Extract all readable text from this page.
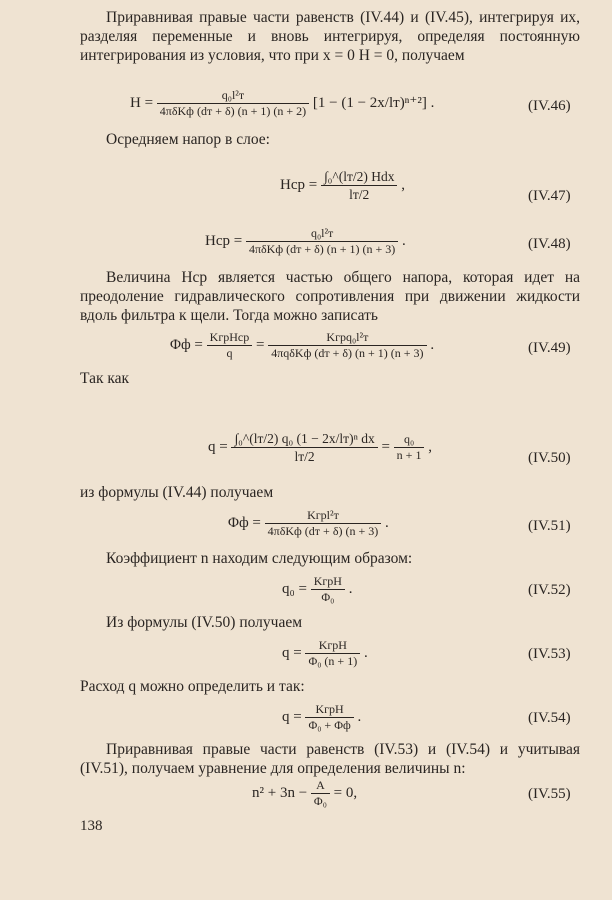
Приравнивая правые части равенств (IV.44) и (IV.45), интегрируя их, разделяя переменные и вновь интегрируя, определяя постоянную интегрирования из условия, что при x = 0 H = 0, получаем
$H = \frac{\text{q₀l²т}}{\text{4πδKф (dт + δ) (n + 1) (n + 2)}} [1 - (1 - 2x/lт)^{n+2}]$ .	(IV.46)
Осредняем напор в слое:
Hср = $\frac{\text{∫₀\textasciicircum{}(lт/2) Hdx}}{lт/2}$ ,
(IV.47)
Hср = $\frac{\text{q₀l²т}}{\text{4πδKф (dт + δ) (n + 1) (n + 3)}}$ .	(IV.48)
Величина Hср является частью общего напора, которая идет на преодоление гидравлического сопротивления при движении жидкости вдоль фильтра к щели. Тогда можно записать
$\Phi ф = \frac{\text{KгрHср}}{q} = \frac{\text{Kгрq₀l²т}}{\text{4πqδKф (dт + δ) (n + 1) (n + 3)}}$ .	(IV.49)
Так как
$q = \frac{\text{∫₀\textasciicircum{}(lт/2) q₀ (1 − 2x/lт)ⁿ dx}}{lт/2} = \frac{\text{q₀}}{n + 1}$ ,
(IV.50)
из формулы (IV.44) получаем
$\Phi ф = \frac{\text{Kгрl²т}}{\text{4πδKф (dт + δ) (n + 3)}}$ .	(IV.51)
Коэффициент n находим следующим образом:
$q_0 = \frac{\text{KгрH}}{\text{Φ₀}}$ .	(IV.52)
Из формулы (IV.50) получаем
$q = \frac{\text{KгрH}}{\text{Φ₀ (n + 1)}}$ .	(IV.53)
Расход q можно определить и так:
$q = \frac{\text{KгрH}}{\text{Φ₀ + Φф}}$ .	(IV.54)
Приравнивая правые части равенств (IV.53) и (IV.54) и учитывая (IV.51), получаем уравнение для определения величины n:
$n^2 + 3n - \frac{A}{\text{Φ₀}} = 0$,	(IV.55)
138
